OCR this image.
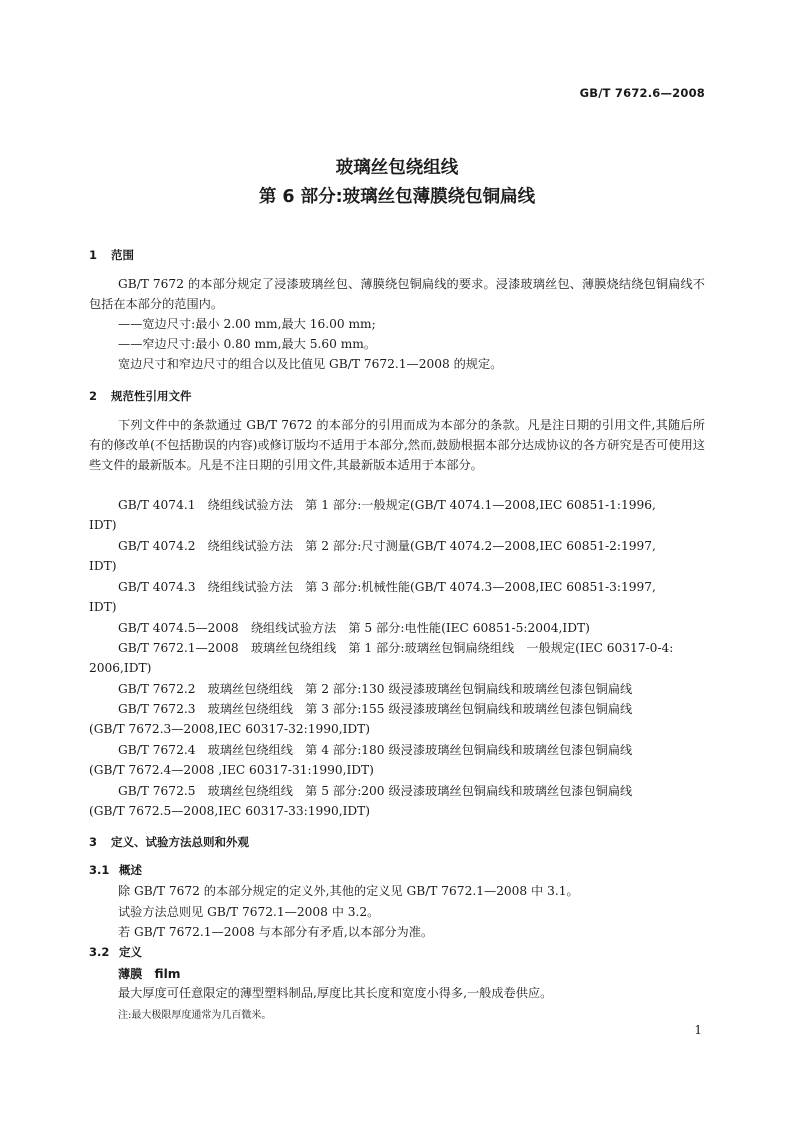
GB/T 7672.6—2008
玻璃丝包绕组线
第 6 部分:玻璃丝包薄膜绕包铜扁线
1 范围
GB/T 7672 的本部分规定了浸漆玻璃丝包、薄膜绕包铜扁线的要求。浸漆玻璃丝包、薄膜烧结绕包铜扁线不包括在本部分的范围内。
——宽边尺寸:最小 2.00 mm,最大 16.00 mm;
——窄边尺寸:最小 0.80 mm,最大 5.60 mm。
宽边尺寸和窄边尺寸的组合以及比值见 GB/T 7672.1—2008 的规定。
2 规范性引用文件
下列文件中的条款通过 GB/T 7672 的本部分的引用而成为本部分的条款。凡是注日期的引用文件,其随后所有的修改单(不包括勘误的内容)或修订版均不适用于本部分,然而,鼓励根据本部分达成协议的各方研究是否可使用这些文件的最新版本。凡是不注日期的引用文件,其最新版本适用于本部分。
GB/T 4074.1　绕组线试验方法　第 1 部分:一般规定(GB/T 4074.1—2008,IEC 60851-1:1996,
IDT)
GB/T 4074.2　绕组线试验方法　第 2 部分:尺寸测量(GB/T 4074.2—2008,IEC 60851-2:1997,
IDT)
GB/T 4074.3　绕组线试验方法　第 3 部分:机械性能(GB/T 4074.3—2008,IEC 60851-3:1997,
IDT)
GB/T 4074.5—2008　绕组线试验方法　第 5 部分:电性能(IEC 60851-5:2004,IDT)
GB/T 7672.1—2008　玻璃丝包绕组线　第 1 部分:玻璃丝包铜扁绕组线　一般规定(IEC 60317-0-4:
2006,IDT)
GB/T 7672.2　玻璃丝包绕组线　第 2 部分:130 级浸漆玻璃丝包铜扁线和玻璃丝包漆包铜扁线
GB/T 7672.3　玻璃丝包绕组线　第 3 部分:155 级浸漆玻璃丝包铜扁线和玻璃丝包漆包铜扁线
(GB/T 7672.3—2008,IEC 60317-32:1990,IDT)
GB/T 7672.4　玻璃丝包绕组线　第 4 部分:180 级浸漆玻璃丝包铜扁线和玻璃丝包漆包铜扁线
(GB/T 7672.4—2008 ,IEC 60317-31:1990,IDT)
GB/T 7672.5　玻璃丝包绕组线　第 5 部分:200 级浸漆玻璃丝包铜扁线和玻璃丝包漆包铜扁线
(GB/T 7672.5—2008,IEC 60317-33:1990,IDT)
3 定义、试验方法总则和外观
3.1 概述
除 GB/T 7672 的本部分规定的定义外,其他的定义见 GB/T 7672.1—2008 中 3.1。
试验方法总则见 GB/T 7672.1—2008 中 3.2。
若 GB/T 7672.1—2008 与本部分有矛盾,以本部分为准。
3.2 定义
薄膜　film
最大厚度可任意限定的薄型塑料制品,厚度比其长度和宽度小得多,一般成卷供应。
注:最大极限厚度通常为几百微米。
1
